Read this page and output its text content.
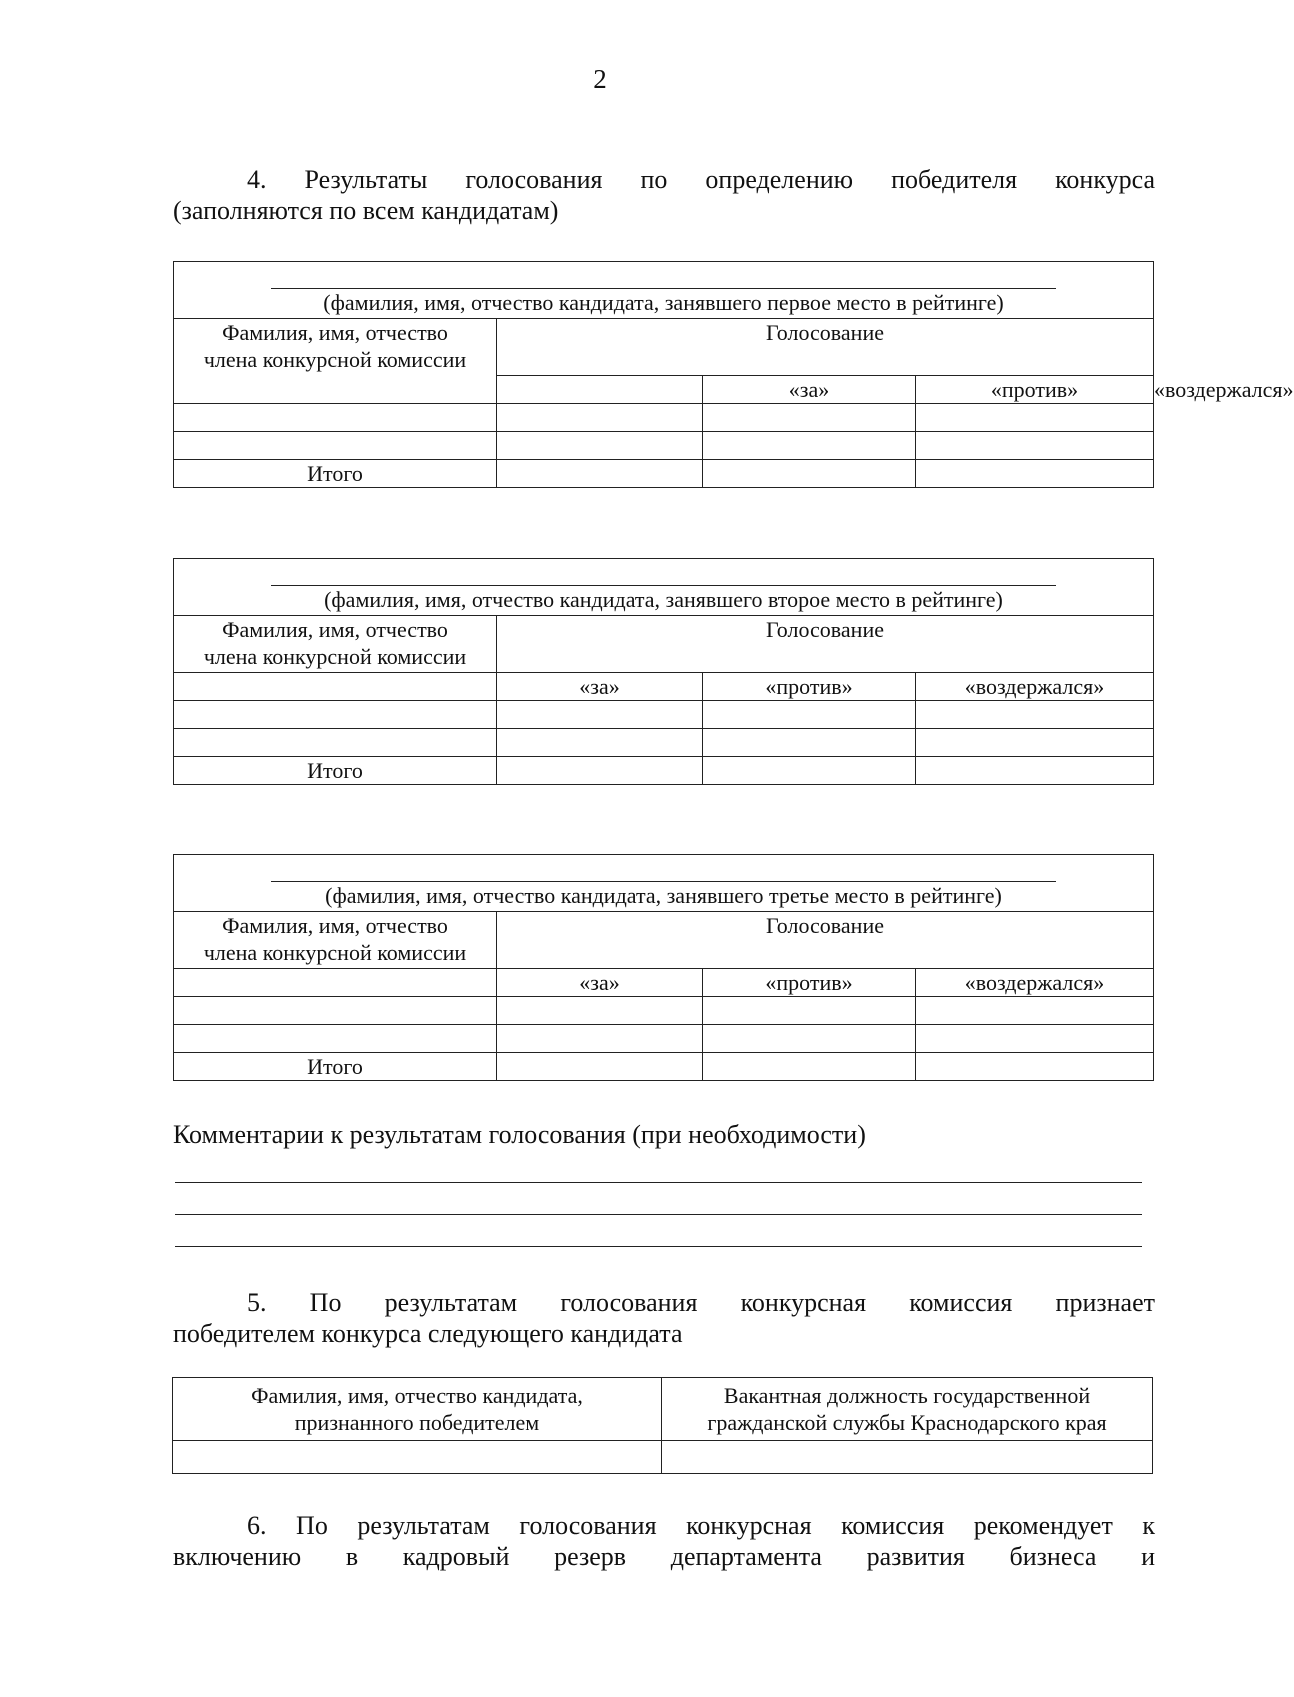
2
4. Результаты голосования по определению победителя конкурса
(заполняются по всем кандидатам)
(фамилия, имя, отчество кандидата, занявшего первое место в рейтинге)				

Фамилия, имя, отчество
члена конкурсной комиссии	Голосование			
		«за»	«против»	«воздержался»

Итого				
(фамилия, имя, отчество кандидата, занявшего второе место в рейтинге)			

Фамилия, имя, отчество
члена конкурсной комиссии	Голосование		
	«за»	«против»	«воздержался»

Итого			
(фамилия, имя, отчество кандидата, занявшего третье место в рейтинге)			

Фамилия, имя, отчество
члена конкурсной комиссии	Голосование		
	«за»	«против»	«воздержался»

Итого			
Комментарии к результатам голосования (при необходимости)
5. По результатам голосования конкурсная комиссия признает
победителем конкурса следующего кандидата
Фамилия, имя, отчество кандидата,
признанного победителем	Вакантная должность государственной
гражданской службы Краснодарского края

6. По результатам голосования конкурсная комиссия рекомендует к
включению в кадровый резерв департамента развития бизнеса и
